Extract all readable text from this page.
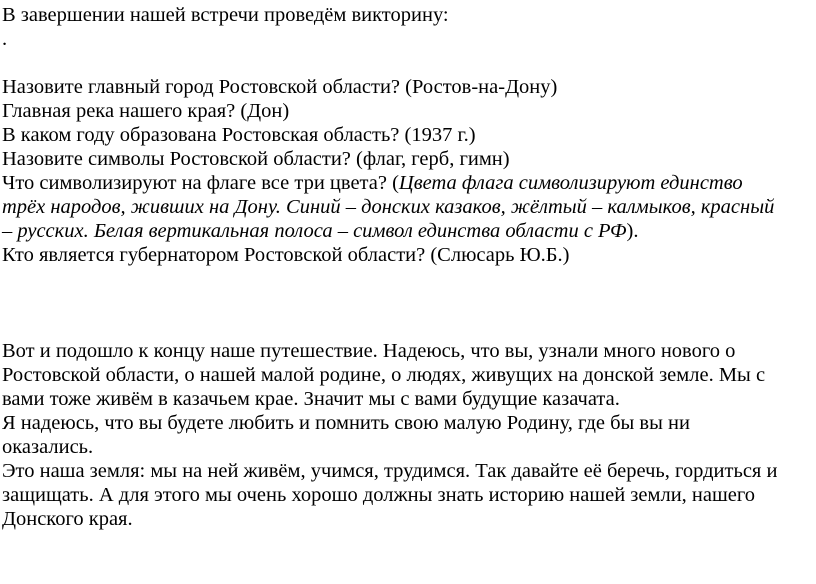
В завершении нашей встречи проведём викторину:
.
Назовите главный город Ростовской области? (Ростов-на-Дону)
Главная река нашего края? (Дон)
В каком году образована Ростовская область? (1937 г.)
Назовите символы Ростовской области? (флаг, герб, гимн)
Что символизируют на флаге все три цвета? (Цвета флага символизируют единство
трёх народов, живших на Дону. Синий – донских казаков, жёлтый – калмыков, красный
– русских. Белая вертикальная полоса – символ единства области с РФ).
Кто является губернатором Ростовской области? (Слюсарь Ю.Б.)
Вот и подошло к концу наше путешествие. Надеюсь, что вы, узнали много нового о
Ростовской области, о нашей малой родине, о людях, живущих на донской земле. Мы с
вами тоже живём в казачьем крае. Значит мы с вами будущие казачата.
Я надеюсь, что вы будете любить и помнить свою малую Родину, где бы вы ни
оказались.
Это наша земля: мы на ней живём, учимся, трудимся. Так давайте её беречь, гордиться и
защищать. А для этого мы очень хорошо должны знать историю нашей земли, нашего
Донского края.
